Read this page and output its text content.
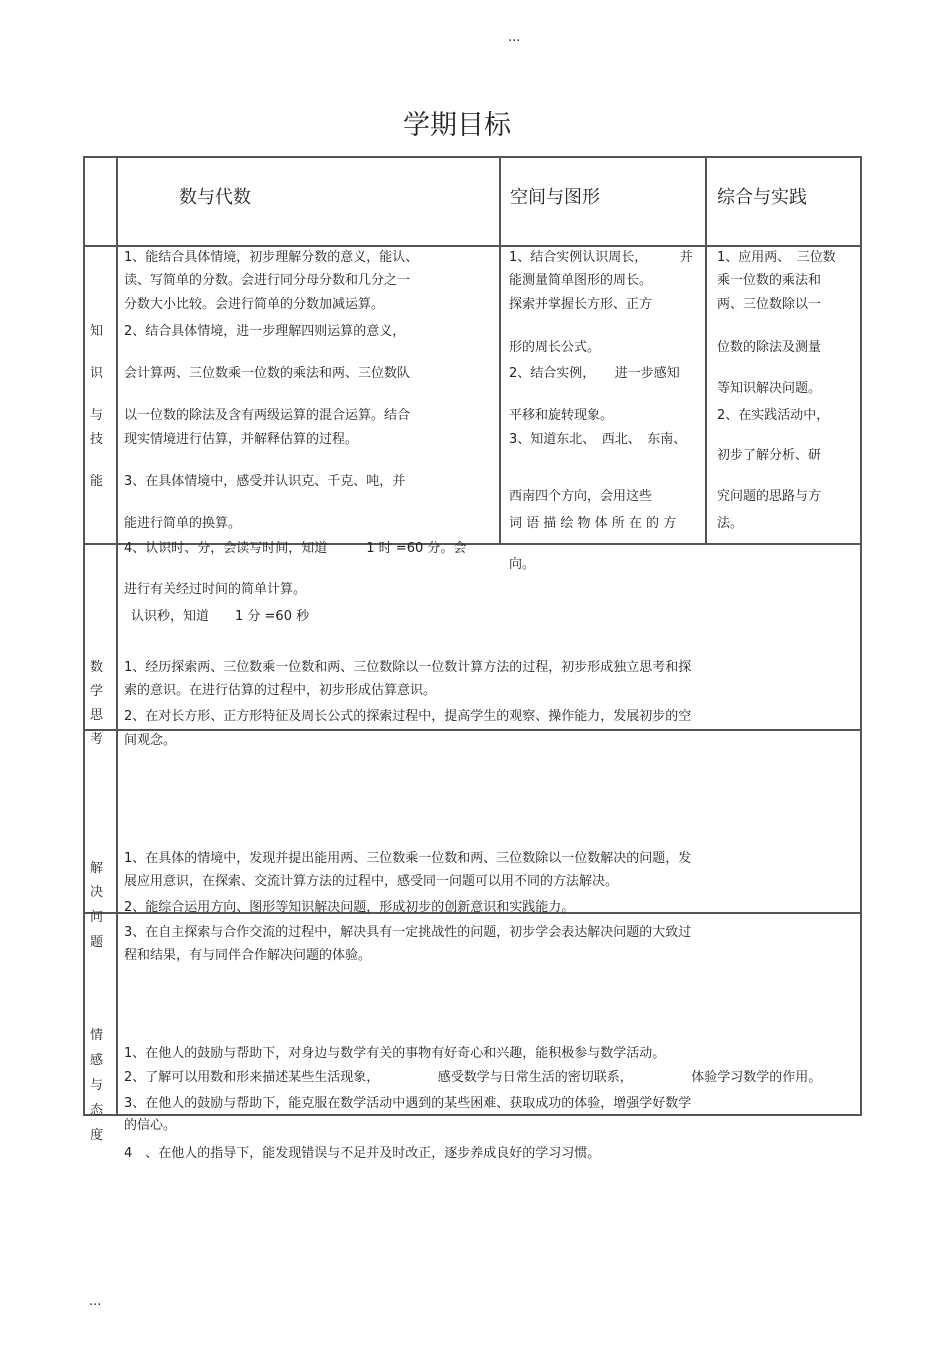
...
学期目标
...
数与代数	空间与图形	综合与实践
知
识
与
技
能
数
学
思
考
解
决
问
题
情
感
与
态
度
1、能结合具体情境，初步理解分数的意义，能认、
读、写简单的分数。会进行同分母分数和几分之一
分数大小比较。会进行简单的分数加减运算。
2、结合具体情境，进一步理解四则运算的意义，
会计算两、三位数乘一位数的乘法和两、三位数队
以一位数的除法及含有两级运算的混合运算。结合
现实情境进行估算，并解释估算的过程。
3、在具体情境中，感受并认识克、千克、吨，并
能进行简单的换算。
4、认识时、分，会读写时间，知道　　　1 时 =60 分。会
进行有关经过时间的简单计算。
认识秒，知道　　1 分 =60 秒
1、结合实例认识周长，　　　并
能测量简单图形的周长。
探索并掌握长方形、正方
形的周长公式。
2、结合实例，　　进一步感知
平移和旋转现象。
3、知道东北、　西北、　东南、
西南四个方向，会用这些
词 语 描 绘 物 体 所 在 的 方
向。
1、应用两、　三位数
乘一位数的乘法和
两、三位数除以一
位数的除法及测量
等知识解决问题。
2、在实践活动中，
初步了解分析、研
究问题的思路与方
法。
1、经历探索两、三位数乘一位数和两、三位数除以一位数计算方法的过程，初步形成独立思考和探
索的意识。在进行估算的过程中，初步形成估算意识。
2、在对长方形、正方形特征及周长公式的探索过程中，提高学生的观察、操作能力，发展初步的空
间观念。
1、在具体的情境中，发现并提出能用两、三位数乘一位数和两、三位数除以一位数解决的问题，发
展应用意识，在探索、交流计算方法的过程中，感受同一问题可以用不同的方法解决。
2、能综合运用方向、图形等知识解决问题，形成初步的创新意识和实践能力。
3、在自主探索与合作交流的过程中，解决具有一定挑战性的问题，初步学会表达解决问题的大致过
程和结果，有与同伴合作解决问题的体验。
1、在他人的鼓励与帮助下，对身边与数学有关的事物有好奇心和兴趣，能积极参与数学活动。
2、了解可以用数和形来描述某些生活现象，　　　　　感受数学与日常生活的密切联系，　　　　　体验学习数学的作用。
3、在他人的鼓励与帮助下，能克服在数学活动中遇到的某些困难、获取成功的体验，增强学好数学
的信心。
4　、在他人的指导下，能发现错误与不足并及时改正，逐步养成良好的学习习惯。
